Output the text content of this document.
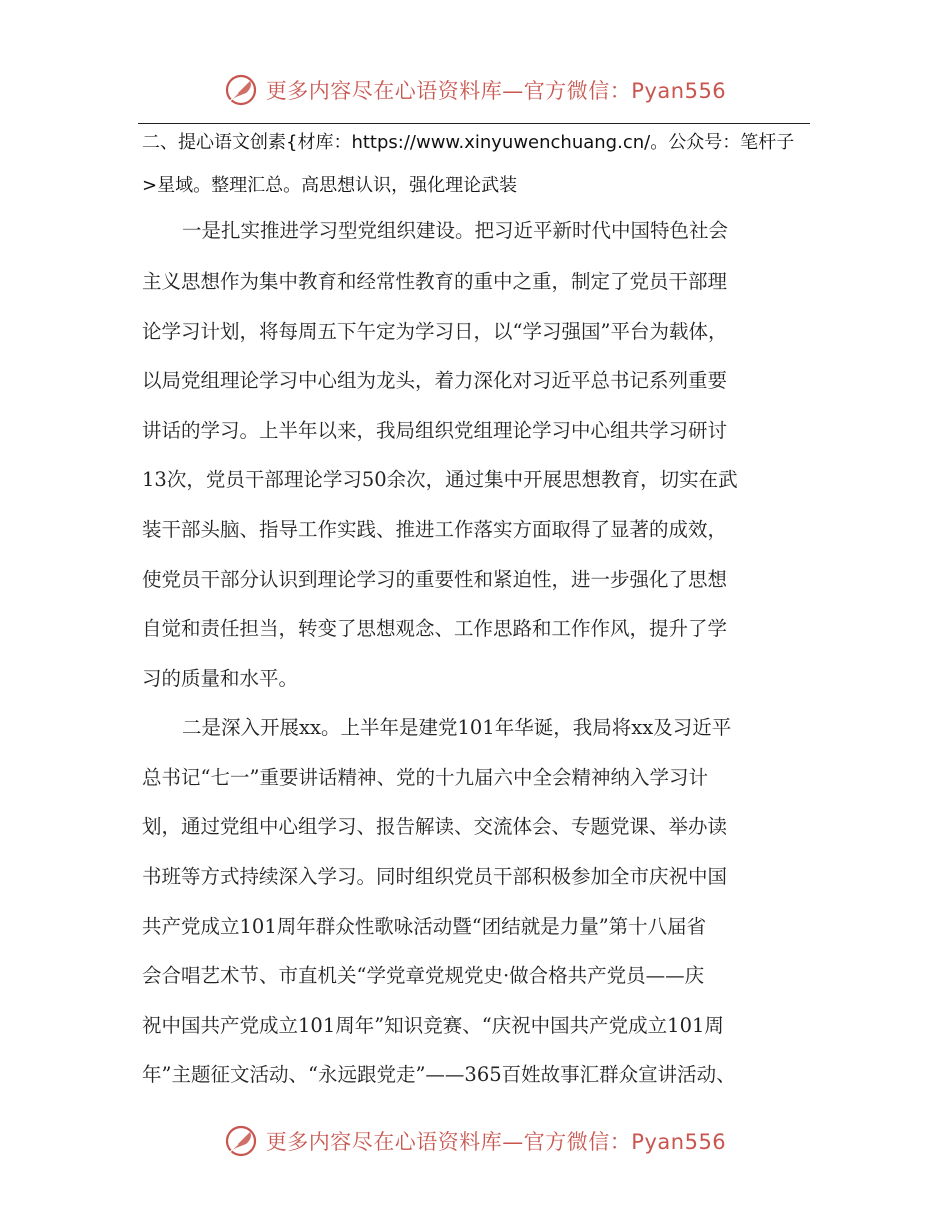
更多内容尽在心语资料库—官方微信：Pyan556
二、提心语文创素{材库：https://www.xinyuwenchuang.cn/。公众号：笔杆子
>星域。整理汇总。高思想认识，强化理论武装
一是扎实推进学习型党组织建设。把习近平新时代中国特色社会
主义思想作为集中教育和经常性教育的重中之重，制定了党员干部理
论学习计划，将每周五下午定为学习日，以“学习强国”平台为载体，
以局党组理论学习中心组为龙头，着力深化对习近平总书记系列重要
讲话的学习。上半年以来，我局组织党组理论学习中心组共学习研讨
13次，党员干部理论学习50余次，通过集中开展思想教育，切实在武
装干部头脑、指导工作实践、推进工作落实方面取得了显著的成效，
使党员干部分认识到理论学习的重要性和紧迫性，进一步强化了思想
自觉和责任担当，转变了思想观念、工作思路和工作作风，提升了学
习的质量和水平。
二是深入开展xx。上半年是建党101年华诞，我局将xx及习近平
总书记“七一”重要讲话精神、党的十九届六中全会精神纳入学习计
划，通过党组中心组学习、报告解读、交流体会、专题党课、举办读
书班等方式持续深入学习。同时组织党员干部积极参加全市庆祝中国
共产党成立101周年群众性歌咏活动暨“团结就是力量”第十八届省
会合唱艺术节、市直机关“学党章党规党史·做合格共产党员——庆
祝中国共产党成立101周年”知识竞赛、“庆祝中国共产党成立101周
年”主题征文活动、“永远跟党走”——365百姓故事汇群众宣讲活动、
更多内容尽在心语资料库—官方微信：Pyan556
